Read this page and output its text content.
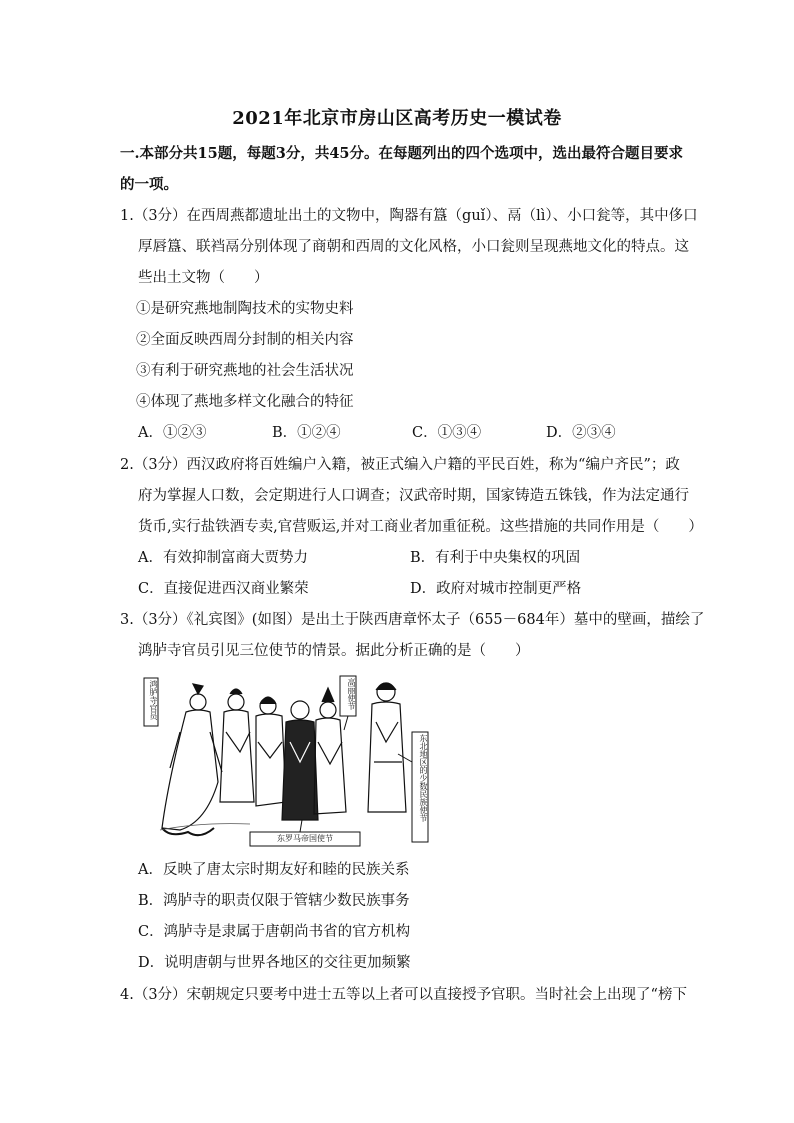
2021年北京市房山区高考历史一模试卷
一.本部分共15题，每题3分，共45分。在每题列出的四个选项中，选出最符合题目要求
的一项。
1.（3分）在西周燕都遗址出土的文物中，陶器有簋（guǐ）、鬲（lì）、小口瓮等，其中侈口
厚唇簋、联裆鬲分别体现了商朝和西周的文化风格，小口瓮则呈现燕地文化的特点。这
些出土文物（　　）
①是研究燕地制陶技术的实物史料
②全面反映西周分封制的相关内容
③有利于研究燕地的社会生活状况
④体现了燕地多样文化融合的特征
A．①②③	B．①②④	C．①③④	D．②③④
2.（3分）西汉政府将百姓编户入籍，被正式编入户籍的平民百姓，称为“编户齐民”；政
府为掌握人口数，会定期进行人口调查；汉武帝时期，国家铸造五铢钱，作为法定通行
货币,实行盐铁酒专卖,官营贩运,并对工商业者加重征税。这些措施的共同作用是（　　）
A．有效抑制富商大贾势力	B．有利于中央集权的巩固
C．直接促进西汉商业繁荣	D．政府对城市控制更严格
3.（3分）《礼宾图》(如图）是出土于陕西唐章怀太子（655－684年）墓中的壁画，描绘了
鸿胪寺官员引见三位使节的情景。据此分析正确的是（　　）
鸿胪寺官员	高丽使节
东北地区的少数民族使节
东罗马帝国使节
A．反映了唐太宗时期友好和睦的民族关系
B．鸿胪寺的职责仅限于管辖少数民族事务
C．鸿胪寺是隶属于唐朝尚书省的官方机构
D．说明唐朝与世界各地区的交往更加频繁
4.（3分）宋朝规定只要考中进士五等以上者可以直接授予官职。当时社会上出现了“榜下
